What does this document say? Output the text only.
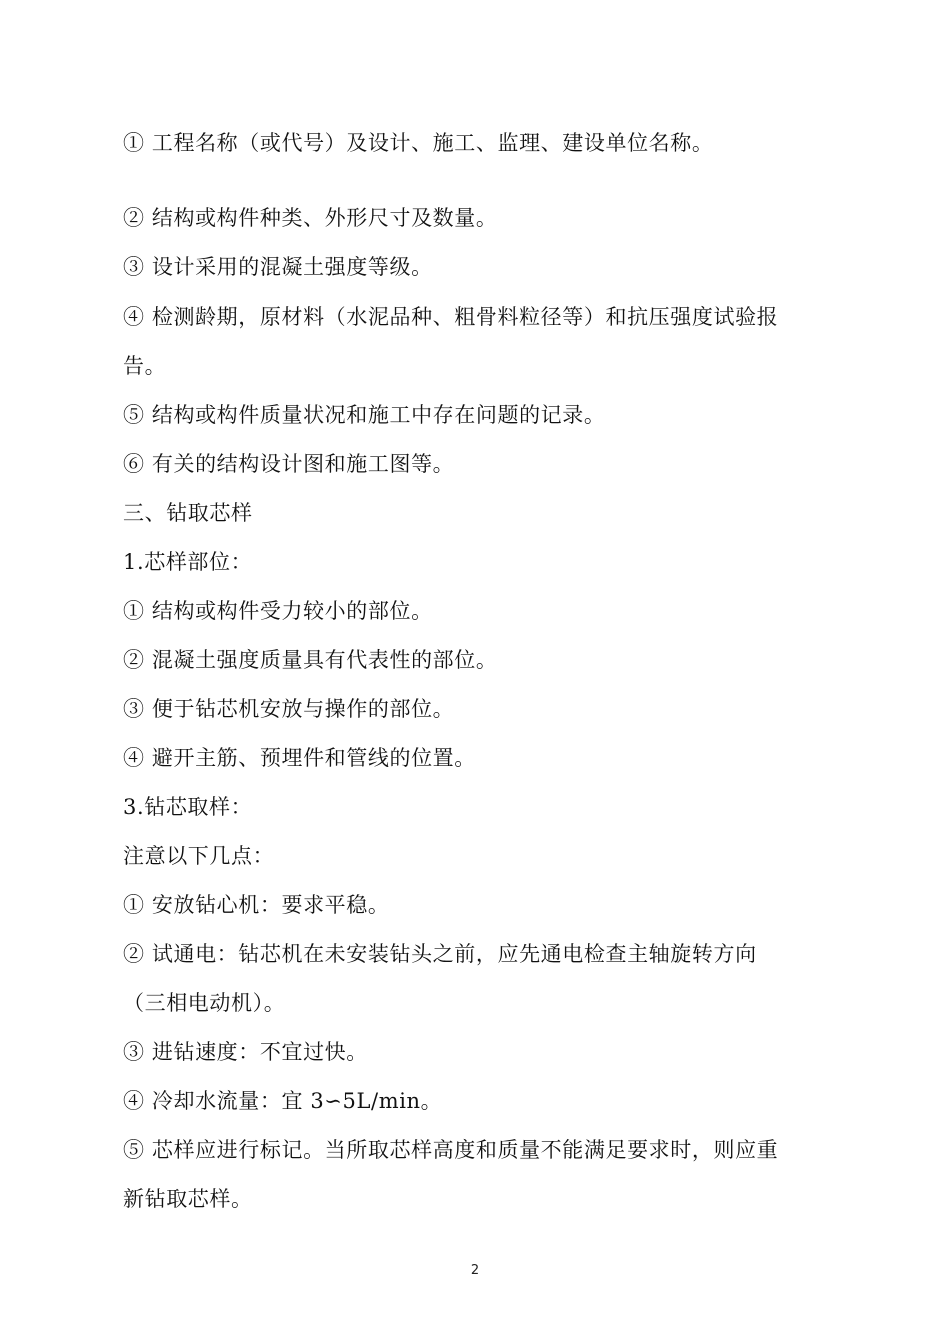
① 工程名称（或代号）及设计、施工、监理、建设单位名称。
② 结构或构件种类、外形尺寸及数量。
③ 设计采用的混凝土强度等级。
④ 检测龄期，原材料（水泥品种、粗骨料粒径等）和抗压强度试验报
告。
⑤ 结构或构件质量状况和施工中存在问题的记录。
⑥ 有关的结构设计图和施工图等。
三、钻取芯样
1.芯样部位：
① 结构或构件受力较小的部位。
② 混凝土强度质量具有代表性的部位。
③ 便于钻芯机安放与操作的部位。
④ 避开主筋、预埋件和管线的位置。
3.钻芯取样：
注意以下几点：
① 安放钻心机：要求平稳。
② 试通电：钻芯机在未安装钻头之前，应先通电检查主轴旋转方向
（三相电动机）。
③ 进钻速度：不宜过快。
④ 冷却水流量：宜 3∽5L/min。
⑤ 芯样应进行标记。当所取芯样高度和质量不能满足要求时，则应重
新钻取芯样。
2
